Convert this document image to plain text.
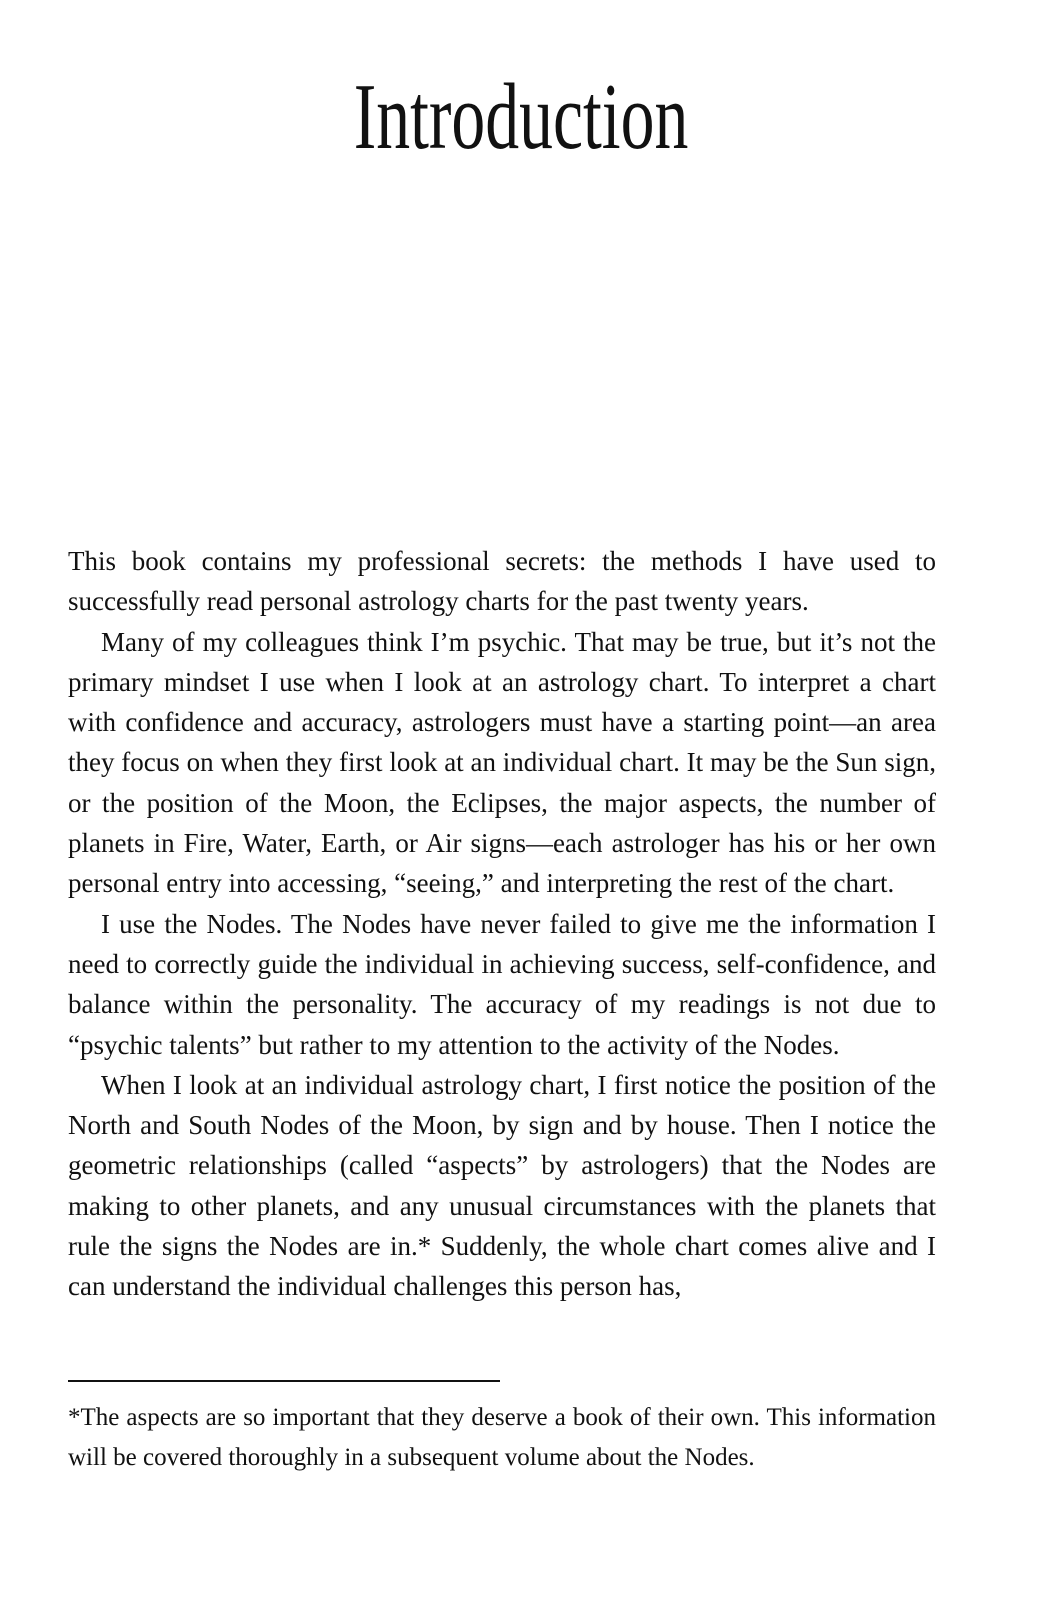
Introduction

This book contains my professional secrets: the methods I have used to successfully read personal astrology charts for the past twenty years.

Many of my colleagues think I’m psychic. That may be true, but it’s not the primary mindset I use when I look at an astrology chart. To interpret a chart with confidence and accuracy, astrologers must have a starting point—an area they focus on when they first look at an individual chart. It may be the Sun sign, or the position of the Moon, the Eclipses, the major aspects, the number of planets in Fire, Water, Earth, or Air signs—each astrologer has his or her own personal entry into accessing, “seeing,” and interpreting the rest of the chart.

I use the Nodes. The Nodes have never failed to give me the information I need to correctly guide the individual in achieving success, self-confidence, and balance within the personality. The accuracy of my readings is not due to “psychic talents” but rather to my attention to the activity of the Nodes.

When I look at an individual astrology chart, I first notice the position of the North and South Nodes of the Moon, by sign and by house. Then I notice the geometric relationships (called “aspects” by astrologers) that the Nodes are making to other planets, and any unusual circumstances with the planets that rule the signs the Nodes are in.* Suddenly, the whole chart comes alive and I can understand the individual challenges this person has,

*The aspects are so important that they deserve a book of their own. This information will be covered thoroughly in a subsequent volume about the Nodes.
